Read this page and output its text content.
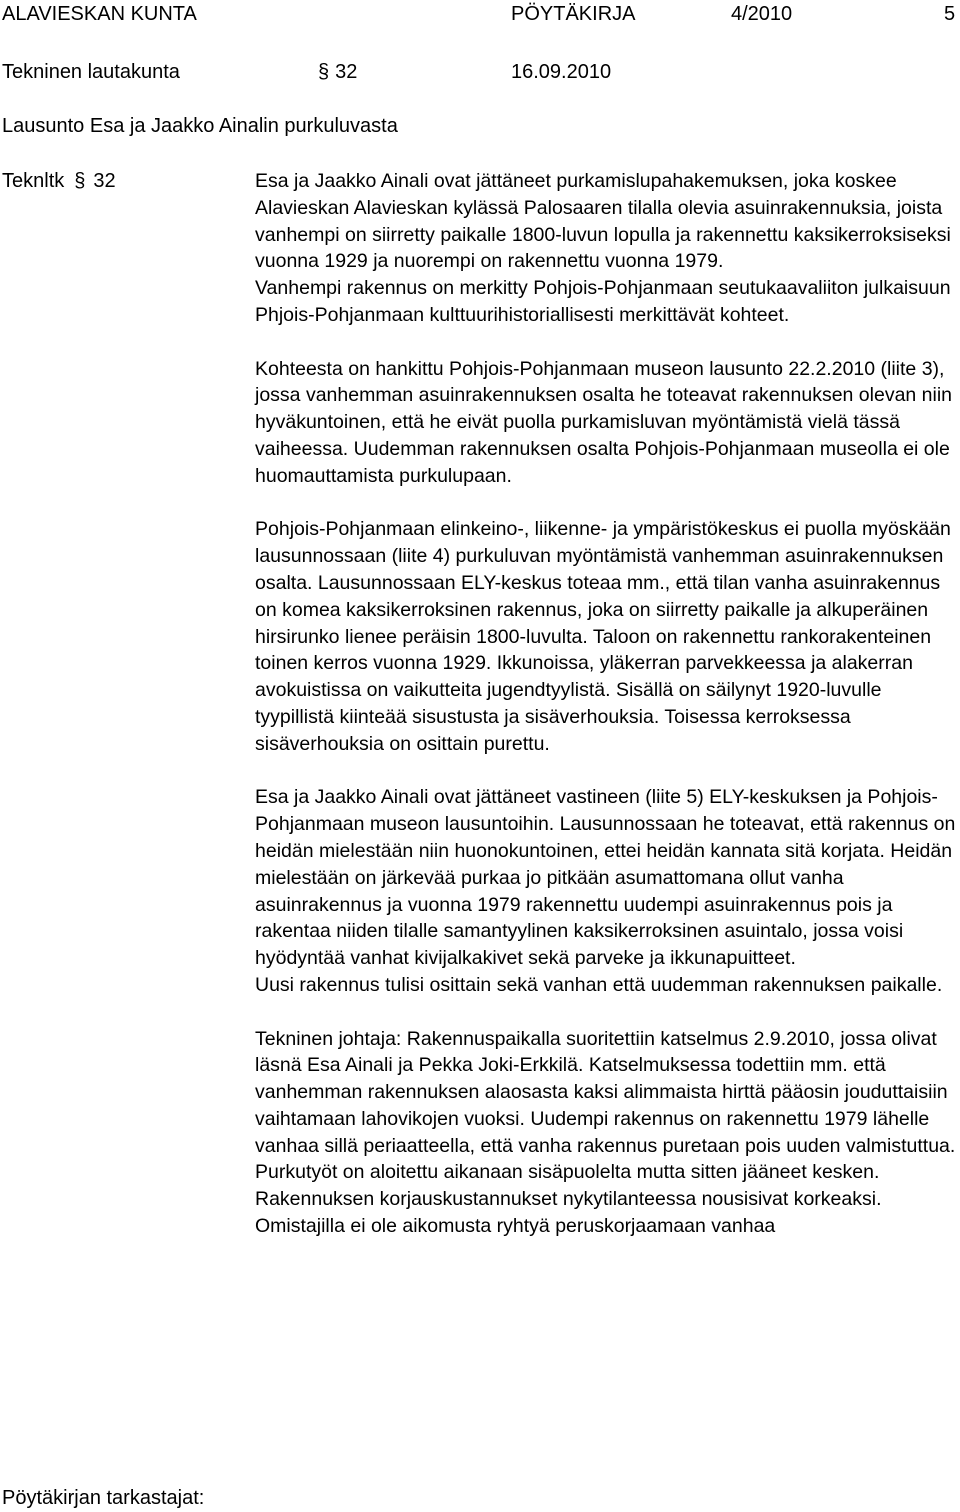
ALAVIESKAN KUNTA	PÖYTÄKIRJA	4/2010	5
Tekninen lautakunta	§ 32	16.09.2010
Lausunto Esa ja Jaakko Ainalin purkuluvasta
Teknltk § 32	Esa ja Jaakko Ainali ovat jättäneet purkamislupahakemuksen, joka koskee Alavieskan Alavieskan kylässä Palosaaren tilalla olevia asuinrakennuksia, joista vanhempi on siirretty paikalle 1800-luvun lopulla ja rakennettu kaksikerroksiseksi vuonna 1929 ja nuorempi on rakennettu vuonna 1979.

Vanhempi rakennus on merkitty Pohjois-Pohjanmaan seutukaavaliiton julkaisuun Phjois-Pohjanmaan kulttuurihistoriallisesti merkittävät kohteet.

Kohteesta on hankittu Pohjois-Pohjanmaan museon lausunto 22.2.2010 (liite 3), jossa vanhemman asuinrakennuksen osalta he toteavat rakennuksen olevan niin hyväkuntoinen, että he eivät puolla purkamisluvan myöntämistä vielä tässä vaiheessa. Uudemman rakennuksen osalta Pohjois-Pohjanmaan museolla ei ole huomauttamista purkulupaan.

Pohjois-Pohjanmaan elinkeino-, liikenne- ja ympäristökeskus ei puolla myöskään lausunnossaan (liite 4) purkuluvan myöntämistä vanhemman asuinrakennuksen osalta. Lausunnossaan ELY-keskus toteaa mm., että tilan vanha asuinrakennus on komea kaksikerroksinen rakennus, joka on siirretty paikalle ja alkuperäinen hirsirunko lienee peräisin 1800-luvulta. Taloon on rakennettu rankorakenteinen toinen kerros vuonna 1929. Ikkunoissa, yläkerran parvekkeessa ja alakerran avokuistissa on vaikutteita jugendtyylistä. Sisällä on säilynyt 1920-luvulle tyypillistä kiinteää sisustusta ja sisäverhouksia. Toisessa kerroksessa sisäverhouksia on osittain purettu.

Esa ja Jaakko Ainali ovat jättäneet vastineen (liite 5) ELY-keskuksen ja Pohjois-Pohjanmaan museon lausuntoihin. Lausunnossaan he toteavat, että rakennus on heidän mielestään niin huonokuntoinen, ettei heidän kannata sitä korjata. Heidän mielestään on järkevää purkaa jo pitkään asumattomana ollut vanha asuinrakennus ja vuonna 1979 rakennettu uudempi asuinrakennus pois ja rakentaa niiden tilalle samantyylinen kaksikerroksinen asuintalo, jossa voisi hyödyntää vanhat kivijalkakivet sekä parveke ja ikkunapuitteet.

Uusi rakennus tulisi osittain sekä vanhan että uudemman rakennuksen paikalle.

Tekninen johtaja: Rakennuspaikalla suoritettiin katselmus 2.9.2010, jossa olivat läsnä Esa Ainali ja Pekka Joki-Erkkilä. Katselmuksessa todettiin mm. että vanhemman rakennuksen alaosasta kaksi alimmaista hirttä pääosin jouduttaisiin vaihtamaan lahovikojen vuoksi. Uudempi rakennus on rakennettu 1979 lähelle vanhaa sillä periaatteella, että vanha rakennus puretaan pois uuden valmistuttua. Purkutyöt on aloitettu aikanaan sisäpuolelta mutta sitten jääneet kesken.

Rakennuksen korjauskustannukset nykytilanteessa nousisivat korkeaksi. Omistajilla ei ole aikomusta ryhtyä peruskorjaamaan vanhaa

Pöytäkirjan tarkastajat:
